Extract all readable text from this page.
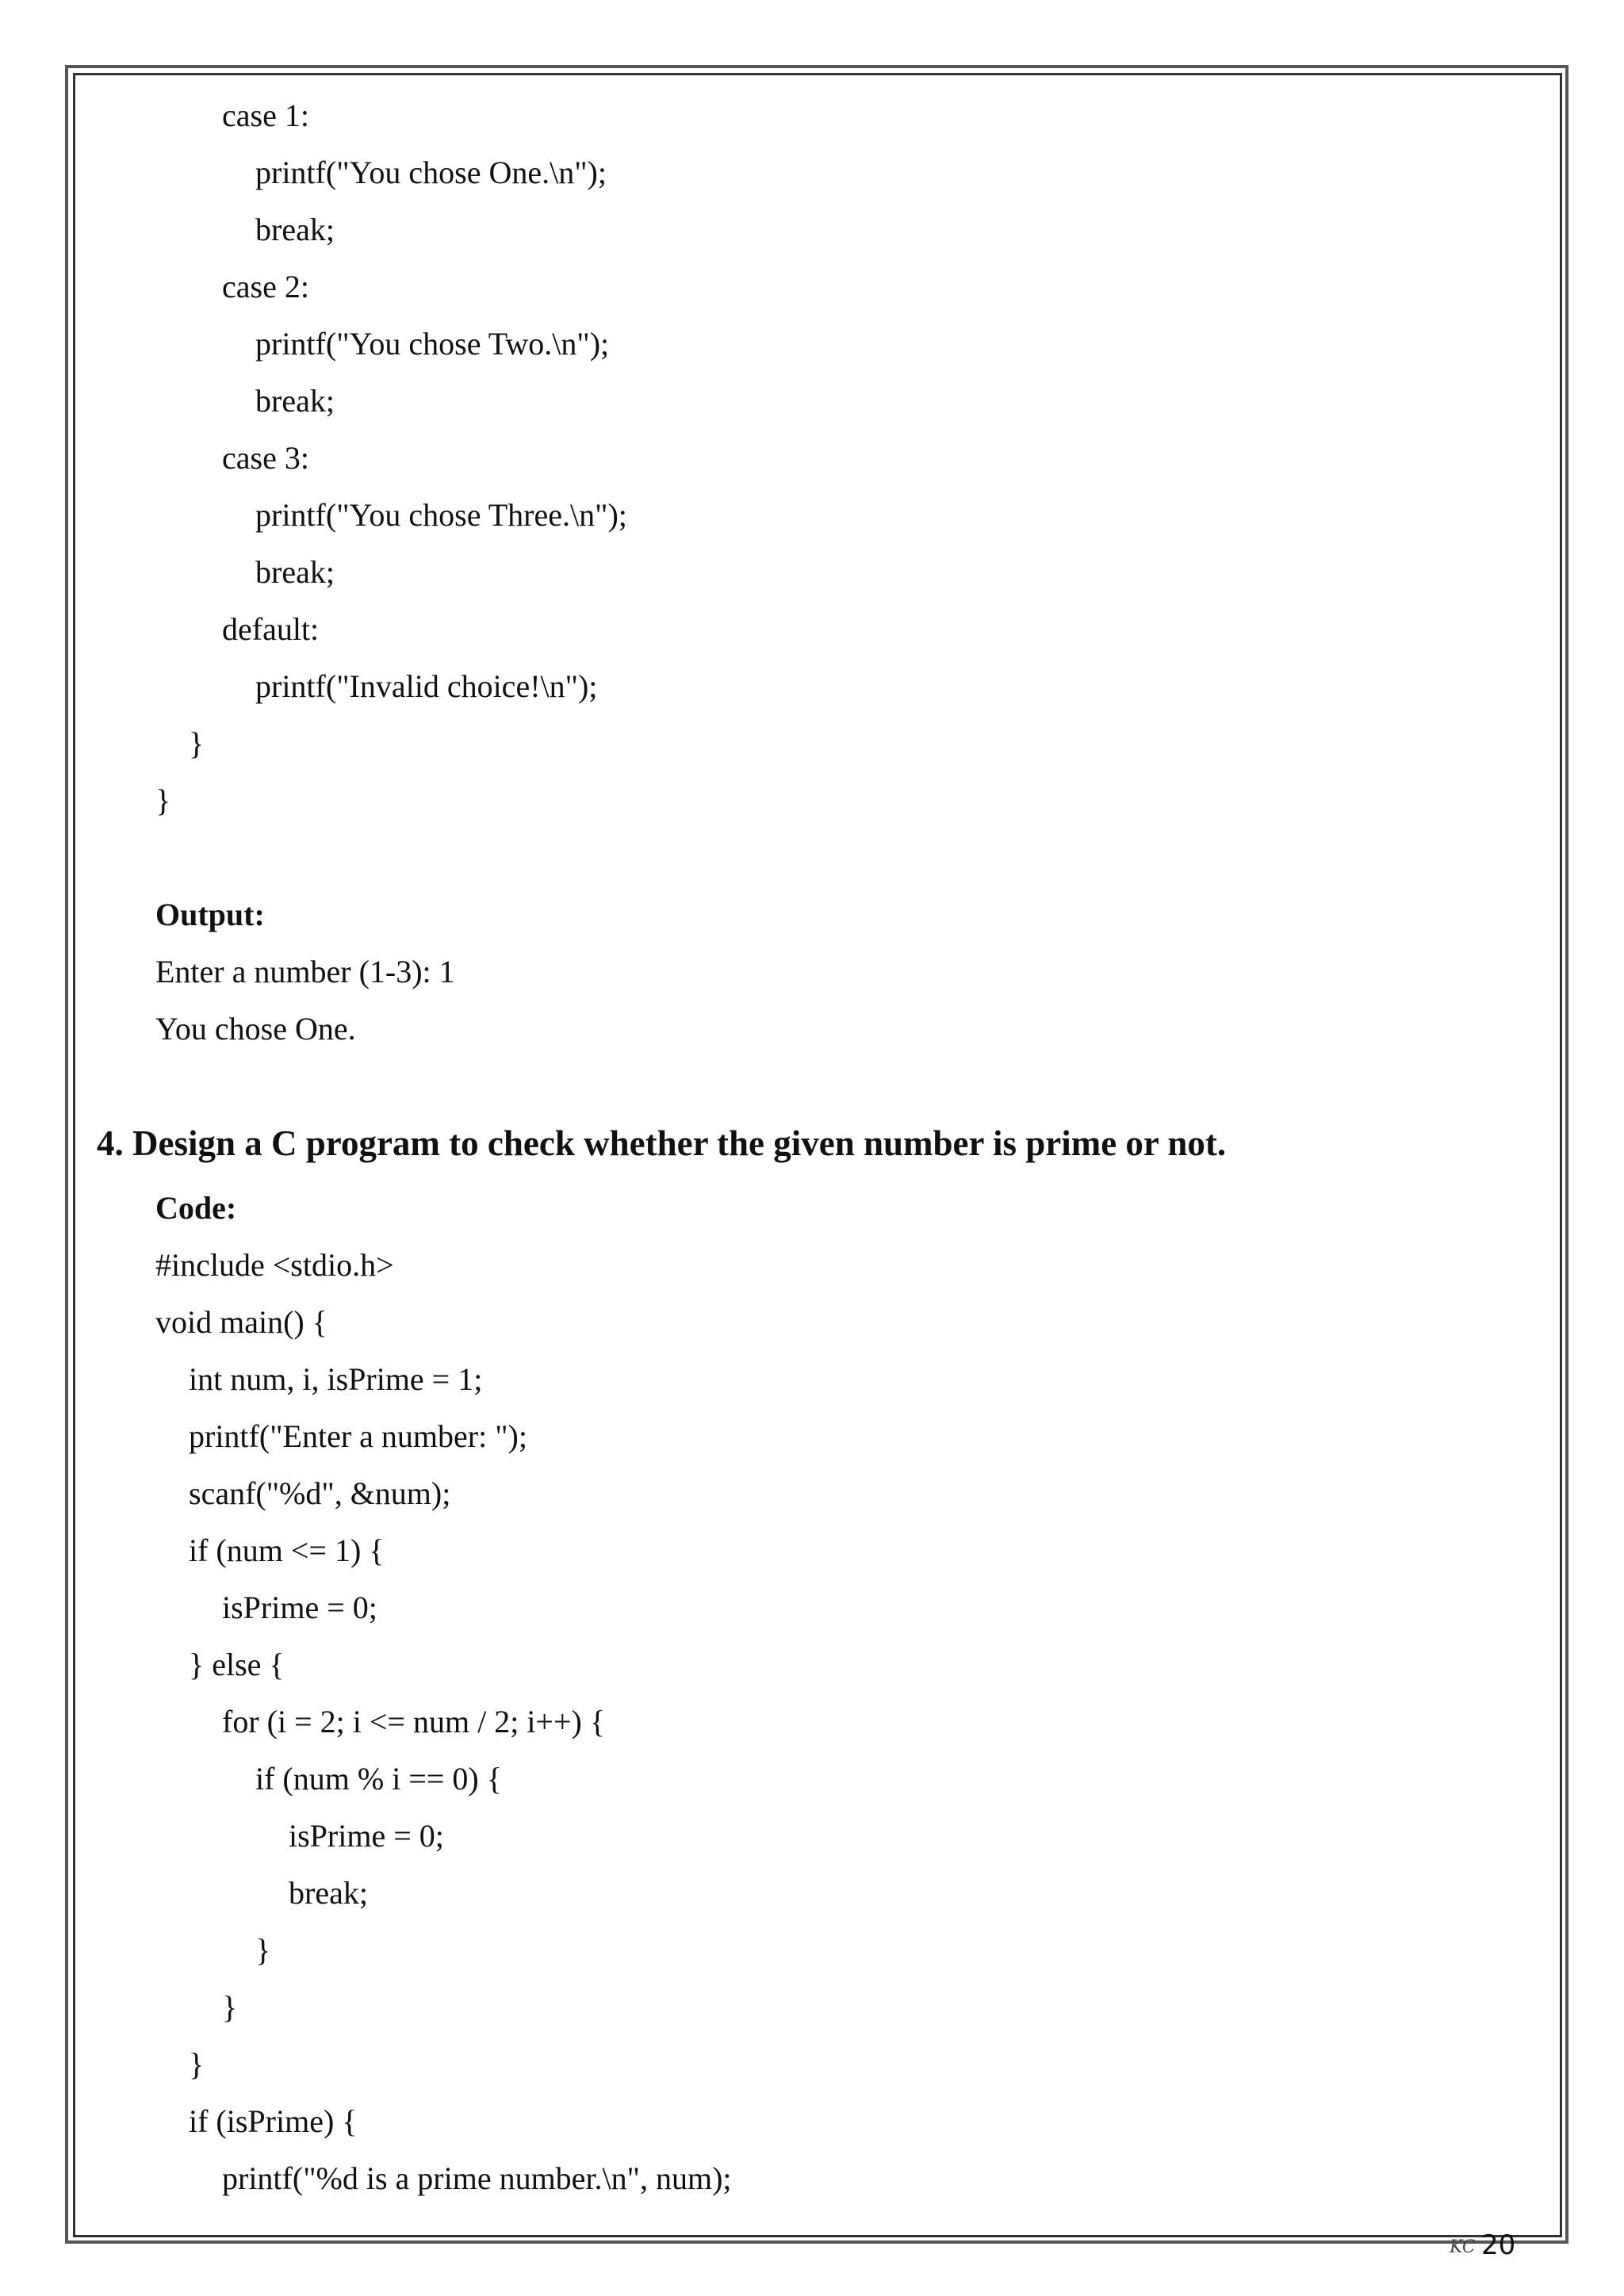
case 1:
printf("You chose One.\n");
break;
case 2:
printf("You chose Two.\n");
break;
case 3:
printf("You chose Three.\n");
break;
default:
printf("Invalid choice!\n");
}
}
Output:
Enter a number (1-3): 1
You chose One.
4. Design a C program to check whether the given number is prime or not.
Code:
#include <stdio.h>
void main() {
int num, i, isPrime = 1;
printf("Enter a number: ");
scanf("%d", &num);
if (num <= 1) {
isPrime = 0;
} else {
for (i = 2; i <= num / 2; i++) {
if (num % i == 0) {
isPrime = 0;
break;
}
}
}
if (isPrime) {
printf("%d is a prime number.\n", num);
KC 20
